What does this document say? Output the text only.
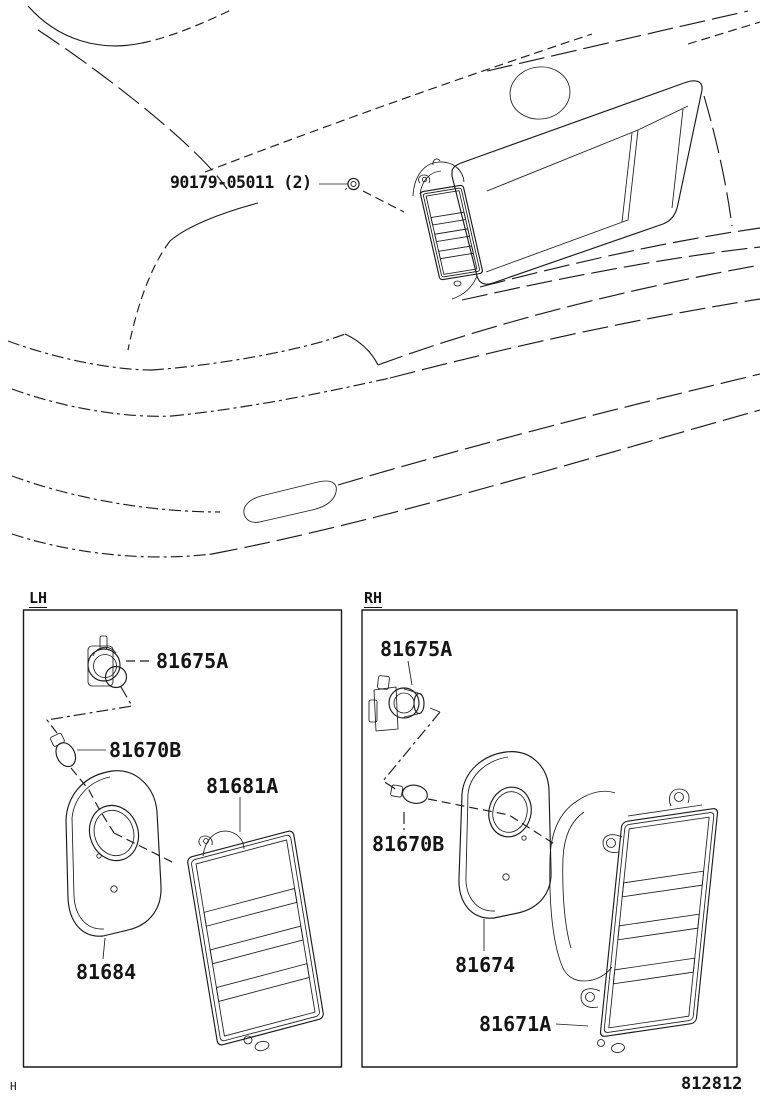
90179-05011 (2)
LH	RH
81675A
81670B
81681A
81684
81675A
81670B
81674
81671A
H	812812
